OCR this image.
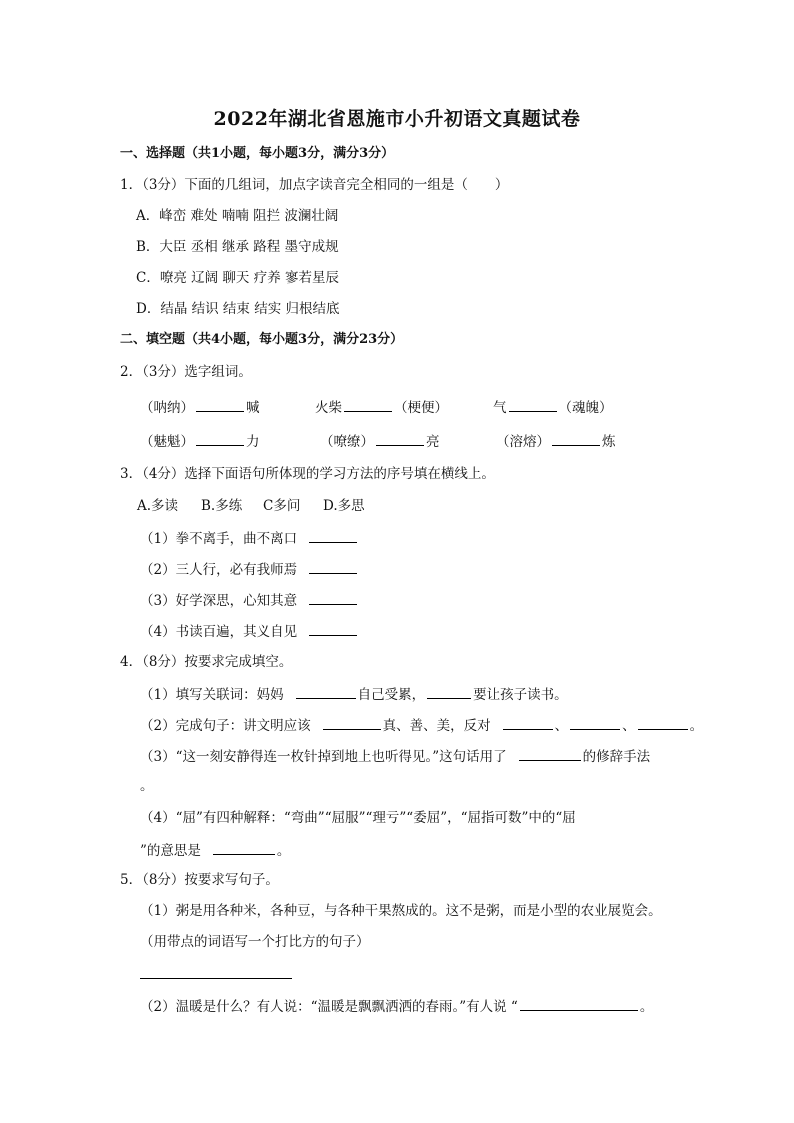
2022年湖北省恩施市小升初语文真题试卷
一、选择题（共1小题，每小题3分，满分3分）
1．（3分）下面的几组词，加点字读音完全相同的一组是（　　）
A．峰峦 难处 喃喃 阻拦 波澜壮阔
B．大臣 丞相 继承 路程 墨守成规
C．嘹亮 辽阔 聊天 疗养 寥若星辰
D．结晶 结识 结束 结实 归根结底
二、填空题（共4小题，每小题3分，满分23分）
2．（3分）选字组词。
（呐纳）	喊	火柴	（梗便）	气	（魂魄）
（魅魁）	力	（嘹缭）	亮	（溶熔）	炼
3．（4分）选择下面语句所体现的学习方法的序号填在横线上。
A.多读 B.多练 C多问 D.多思
（1）拳不离手，曲不离口
（2）三人行，必有我师焉
（3）好学深思，心知其意
（4）书读百遍，其义自见
4．（8分）按要求完成填空。
（1）填写关联词：妈妈	自己受累，	要让孩子读书。
（2）完成句子：讲文明应该	真、善、美，反对	、	、	。
（3）“这一刻安静得连一枚针掉到地上也听得见。”这句话用了	的修辞手法
。
（4）“屈”有四种解释：“弯曲”“屈服”“理亏”“委屈”，“屈指可数”中的“屈
”的意思是	。
5．（8分）按要求写句子。
（1）粥是用各种米，各种豆，与各种干果熬成的。这不是粥，而是小型的农业展览会。
（用带点的词语写一个打比方的句子）
（2）温暖是什么？有人说：“温暖是飘飘洒洒的春雨。”有人说 “	。
